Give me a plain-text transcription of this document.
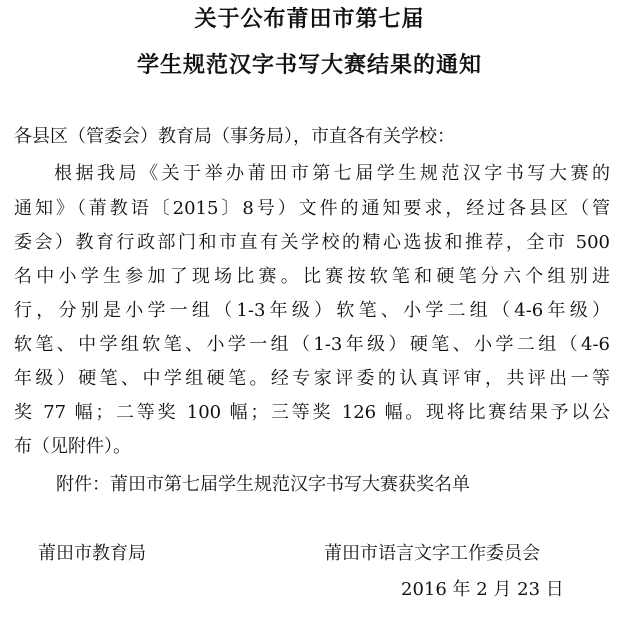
关于公布莆田市第七届
学生规范汉字书写大赛结果的通知
各县区（管委会）教育局（事务局），市直各有关学校：
根据我局《关于举办莆田市第七届学生规范汉字书写大赛的
通知》（莆教语〔2015〕8号）文件的通知要求，经过各县区（管
委会）教育行政部门和市直有关学校的精心选拔和推荐，全市 500
名中小学生参加了现场比赛。比赛按软笔和硬笔分六个组别进
行，分别是小学一组（1-3年级）软笔、小学二组（4-6年级）
软笔、中学组软笔、小学一组（1-3年级）硬笔、小学二组（4-6
年级）硬笔、中学组硬笔。经专家评委的认真评审，共评出一等
奖 77 幅；二等奖 100 幅；三等奖 126 幅。现将比赛结果予以公
布（见附件）。
附件：莆田市第七届学生规范汉字书写大赛获奖名单
莆田市教育局	莆田市语言文字工作委员会
2016 年 2 月 23 日
